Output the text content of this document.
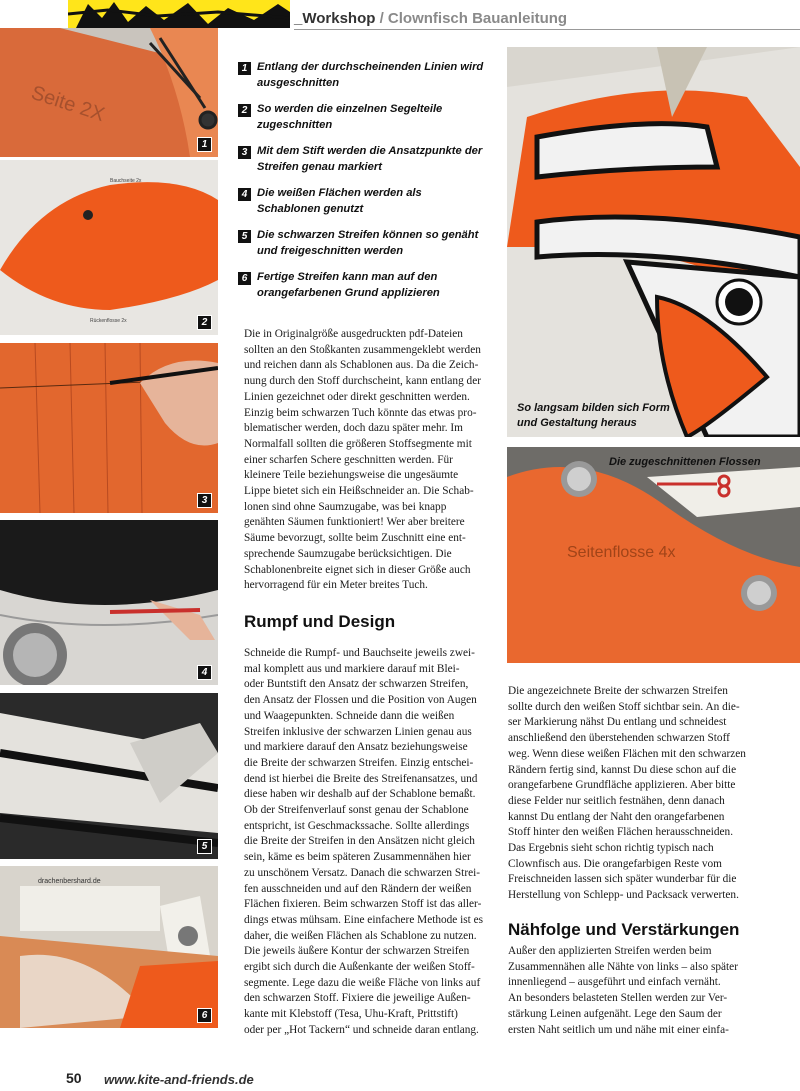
_Workshop / Clownfisch Bauanleitung
Seite 2X
1
Bauchseite 2x
Rückenflosse 2x	2
3
4
5
drachenbershard.de
6
1 Entlang der durchscheinenden Linien wird ausgeschnitten
2 So werden die einzelnen Segelteile zugeschnitten
3 Mit dem Stift werden die Ansatzpunkte der Streifen genau markiert
4 Die weißen Flächen werden als Schablonen genutzt
5 Die schwarzen Streifen können so genäht und freigeschnitten werden
6 Fertige Streifen kann man auf den orangefarbenen Grund applizieren

Die in Originalgröße ausgedruckten pdf-Dateien
sollten an den Stoßkanten zusammengeklebt werden
und reichen dann als Schablonen aus. Da die Zeich-
nung durch den Stoff durchscheint, kann entlang der
Linien gezeichnet oder direkt geschnitten werden.
Einzig beim schwarzen Tuch könnte das etwas pro-
blematischer werden, doch dazu später mehr. Im
Normalfall sollten die größeren Stoffsegmente mit
einer scharfen Schere geschnitten werden. Für
kleinere Teile beziehungsweise die ungesäumte
Lippe bietet sich ein Heißschneider an. Die Schab-
lonen sind ohne Saumzugabe, was bei knapp
genähten Säumen funktioniert! Wer aber breitere
Säume bevorzugt, sollte beim Zuschnitt eine ent-
sprechende Saumzugabe berücksichtigen. Die
Schablonenbreite eignet sich in dieser Größe auch
hervorragend für ein Meter breites Tuch.

Rumpf und Design

Schneide die Rumpf- und Bauchseite jeweils zwei-
mal komplett aus und markiere darauf mit Blei-
oder Buntstift den Ansatz der schwarzen Streifen,
den Ansatz der Flossen und die Position von Augen
und Waagepunkten. Schneide dann die weißen
Streifen inklusive der schwarzen Linien genau aus
und markiere darauf den Ansatz beziehungsweise
die Breite der schwarzen Streifen. Einzig entschei-
dend ist hierbei die Breite des Streifenansatzes, und
diese haben wir deshalb auf der Schablone bemaßt.
Ob der Streifenverlauf sonst genau der Schablone
entspricht, ist Geschmackssache. Sollte allerdings
die Breite der Streifen in den Ansätzen nicht gleich
sein, käme es beim späteren Zusammennähen hier
zu unschönem Versatz. Danach die schwarzen Strei-
fen ausschneiden und auf den Rändern der weißen
Flächen fixieren. Beim schwarzen Stoff ist das aller-
dings etwas mühsam. Eine einfachere Methode ist es
daher, die weißen Flächen als Schablone zu nutzen.
Die jeweils äußere Kontur der schwarzen Streifen
ergibt sich durch die Außenkante der weißen Stoff-
segmente. Lege dazu die weiße Fläche von links auf
den schwarzen Stoff. Fixiere die jeweilige Außen-
kante mit Klebstoff (Tesa, Uhu-Kraft, Prittstift)
oder per „Hot Tackern“ und schneide daran entlang.

So langsam bilden sich Form
und Gestaltung heraus
Seitenflosse 4x
Die zugeschnittenen Flossen

Die angezeichnete Breite der schwarzen Streifen
sollte durch den weißen Stoff sichtbar sein. An die-
ser Markierung nähst Du entlang und schneidest
anschließend den überstehenden schwarzen Stoff
weg. Wenn diese weißen Flächen mit den schwarzen
Rändern fertig sind, kannst Du diese schon auf die
orangefarbene Grundfläche applizieren. Aber bitte
diese Felder nur seitlich festnähen, denn danach
kannst Du entlang der Naht den orangefarbenen
Stoff hinter den weißen Flächen herausschneiden.
Das Ergebnis sieht schon richtig typisch nach
Clownfisch aus. Die orangefarbigen Reste vom
Freischneiden lassen sich später wunderbar für die
Herstellung von Schlepp- und Packsack verwerten.

Nähfolge und Verstärkungen

Außer den applizierten Streifen werden beim
Zusammennähen alle Nähte von links – also später
innenliegend – ausgeführt und einfach vernäht.
An besonders belasteten Stellen werden zur Ver-
stärkung Leinen aufgenäht. Lege den Saum der
ersten Naht seitlich um und nähe mit einer einfa-

50 www.kite-and-friends.de
